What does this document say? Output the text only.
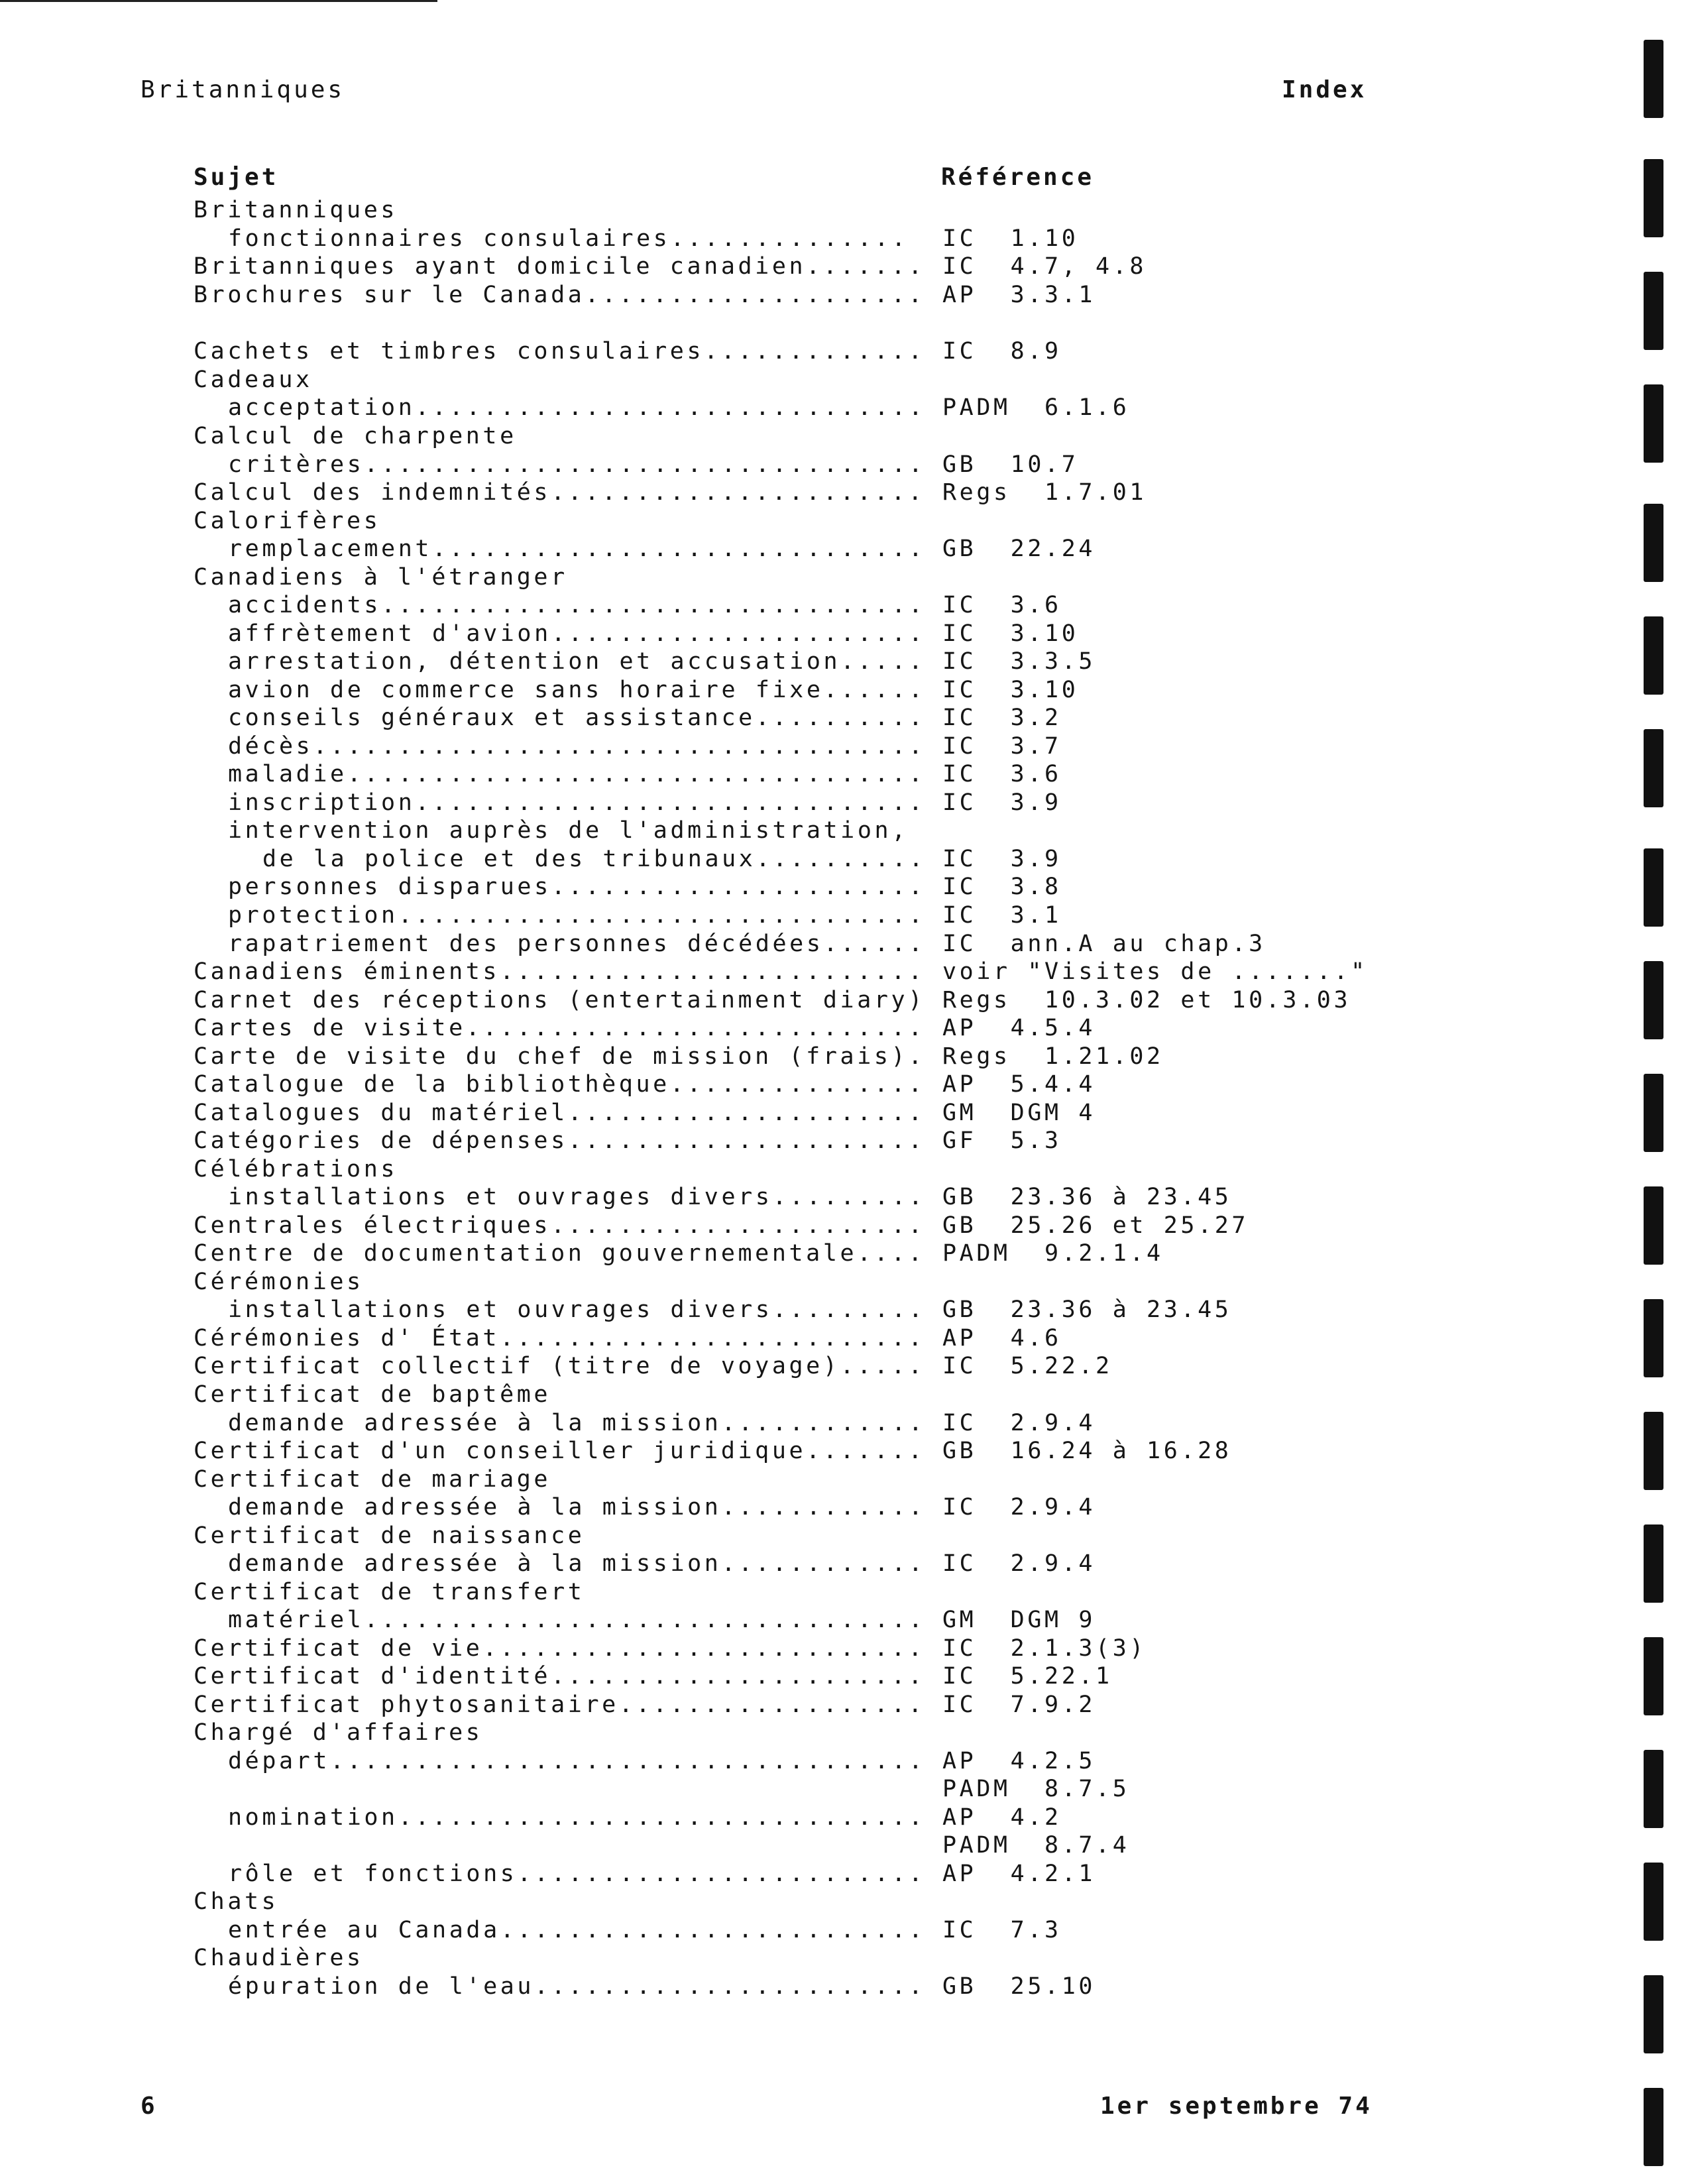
Britanniques	Index
Sujet	Référence
Britanniques
fonctionnaires consulaires.............. IC  1.10
Britanniques ayant domicile canadien....... IC  4.7, 4.8
Brochures sur le Canada.................... AP  3.3.1
Cachets et timbres consulaires............. IC  8.9
Cadeaux
acceptation.............................. PADM  6.1.6
Calcul de charpente
critères................................. GB  10.7
Calcul des indemnités...................... Regs  1.7.01
Calorifères
remplacement............................. GB  22.24
Canadiens à l'étranger
accidents................................ IC  3.6
affrètement d'avion...................... IC  3.10
arrestation, détention et accusation..... IC  3.3.5
avion de commerce sans horaire fixe...... IC  3.10
conseils généraux et assistance.......... IC  3.2
décès.................................... IC  3.7
maladie.................................. IC  3.6
inscription.............................. IC  3.9
intervention auprès de l'administration,
de la police et des tribunaux.......... IC  3.9
personnes disparues...................... IC  3.8
protection............................... IC  3.1
rapatriement des personnes décédées...... IC  ann.A au chap.3
Canadiens éminents......................... voir "Visites de ......."
Carnet des réceptions (entertainment diary) Regs  10.3.02 et 10.3.03
Cartes de visite........................... AP  4.5.4
Carte de visite du chef de mission (frais). Regs  1.21.02
Catalogue de la bibliothèque............... AP  5.4.4
Catalogues du matériel..................... GM  DGM 4
Catégories de dépenses..................... GF  5.3
Célébrations
installations et ouvrages divers......... GB  23.36 à 23.45
Centrales électriques...................... GB  25.26 et 25.27
Centre de documentation gouvernementale.... PADM  9.2.1.4
Cérémonies
installations et ouvrages divers......... GB  23.36 à 23.45
Cérémonies d' État......................... AP  4.6
Certificat collectif (titre de voyage)..... IC  5.22.2
Certificat de baptême
demande adressée à la mission............ IC  2.9.4
Certificat d'un conseiller juridique....... GB  16.24 à 16.28
Certificat de mariage
demande adressée à la mission............ IC  2.9.4
Certificat de naissance
demande adressée à la mission............ IC  2.9.4
Certificat de transfert
matériel................................. GM  DGM 9
Certificat de vie.......................... IC  2.1.3(3)
Certificat d'identité...................... IC  5.22.1
Certificat phytosanitaire.................. IC  7.9.2
Chargé d'affaires
départ................................... AP  4.2.5
PADM  8.7.5
nomination............................... AP  4.2
PADM  8.7.4
rôle et fonctions........................ AP  4.2.1
Chats
entrée au Canada......................... IC  7.3
Chaudières
épuration de l'eau....................... GB  25.10
6	1er septembre 74
